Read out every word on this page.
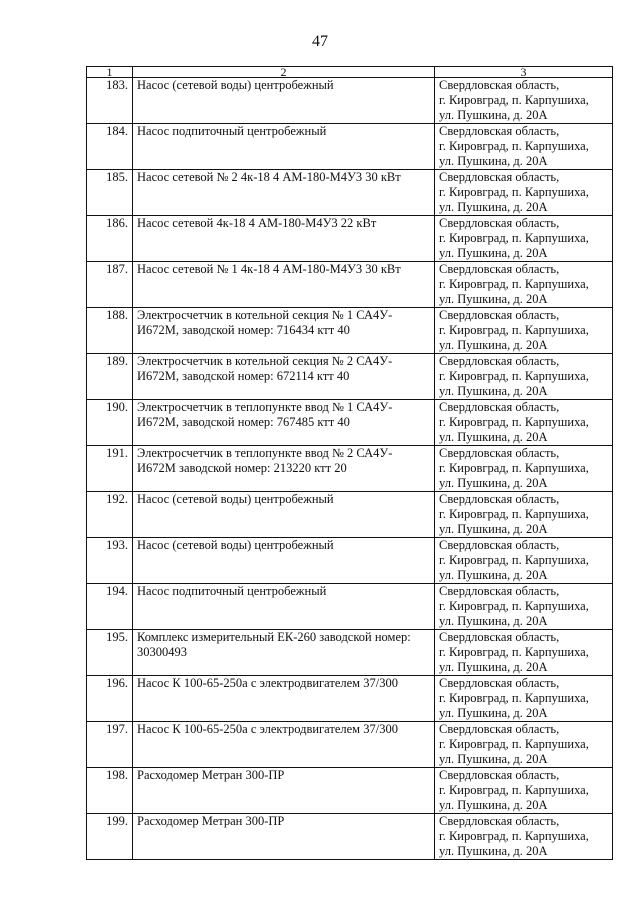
47
1	2	3
183.	Насос (сетевой воды) центробежный	Свердловская область,
г. Кировград, п. Карпушиха,
ул. Пушкина, д. 20А

184.	Насос подпиточный центробежный	Свердловская область,
г. Кировград, п. Карпушиха,
ул. Пушкина, д. 20А

185.	Насос сетевой № 2 4к-18 4 АМ-180-М4У3 30 кВт	Свердловская область,
г. Кировград, п. Карпушиха,
ул. Пушкина, д. 20А

186.	Насос сетевой 4к-18 4 АМ-180-М4У3 22 кВт	Свердловская область,
г. Кировград, п. Карпушиха,
ул. Пушкина, д. 20А

187.	Насос сетевой № 1 4к-18 4 АМ-180-М4У3 30 кВт	Свердловская область,
г. Кировград, п. Карпушиха,
ул. Пушкина, д. 20А

188.	Электросчетчик в котельной секция № 1 СА4У-И672М, заводской номер: 716434 ктт 40	Свердловская область,
г. Кировград, п. Карпушиха,
ул. Пушкина, д. 20А

189.	Электросчетчик в котельной секция № 2 СА4У-И672М, заводской номер: 672114 ктт 40	Свердловская область,
г. Кировград, п. Карпушиха,
ул. Пушкина, д. 20А

190.	Электросчетчик в теплопункте ввод № 1 СА4У-И672М, заводской номер: 767485 ктт 40	Свердловская область,
г. Кировград, п. Карпушиха,
ул. Пушкина, д. 20А

191.	Электросчетчик в теплопункте ввод № 2 СА4У-И672М заводской номер: 213220 ктт 20	Свердловская область,
г. Кировград, п. Карпушиха,
ул. Пушкина, д. 20А

192.	Насос (сетевой воды) центробежный	Свердловская область,
г. Кировград, п. Карпушиха,
ул. Пушкина, д. 20А

193.	Насос (сетевой воды) центробежный	Свердловская область,
г. Кировград, п. Карпушиха,
ул. Пушкина, д. 20А

194.	Насос подпиточный центробежный	Свердловская область,
г. Кировград, п. Карпушиха,
ул. Пушкина, д. 20А

195.	Комплекс измерительный ЕК-260 заводской номер: 30300493	Свердловская область,
г. Кировград, п. Карпушиха,
ул. Пушкина, д. 20А

196.	Насос К 100-65-250а с электродвигателем 37/300	Свердловская область,
г. Кировград, п. Карпушиха,
ул. Пушкина, д. 20А

197.	Насос К 100-65-250а с электродвигателем 37/300	Свердловская область,
г. Кировград, п. Карпушиха,
ул. Пушкина, д. 20А

198.	Расходомер Метран 300-ПР	Свердловская область,
г. Кировград, п. Карпушиха,
ул. Пушкина, д. 20А

199.	Расходомер Метран 300-ПР	Свердловская область,
г. Кировград, п. Карпушиха,
ул. Пушкина, д. 20А
